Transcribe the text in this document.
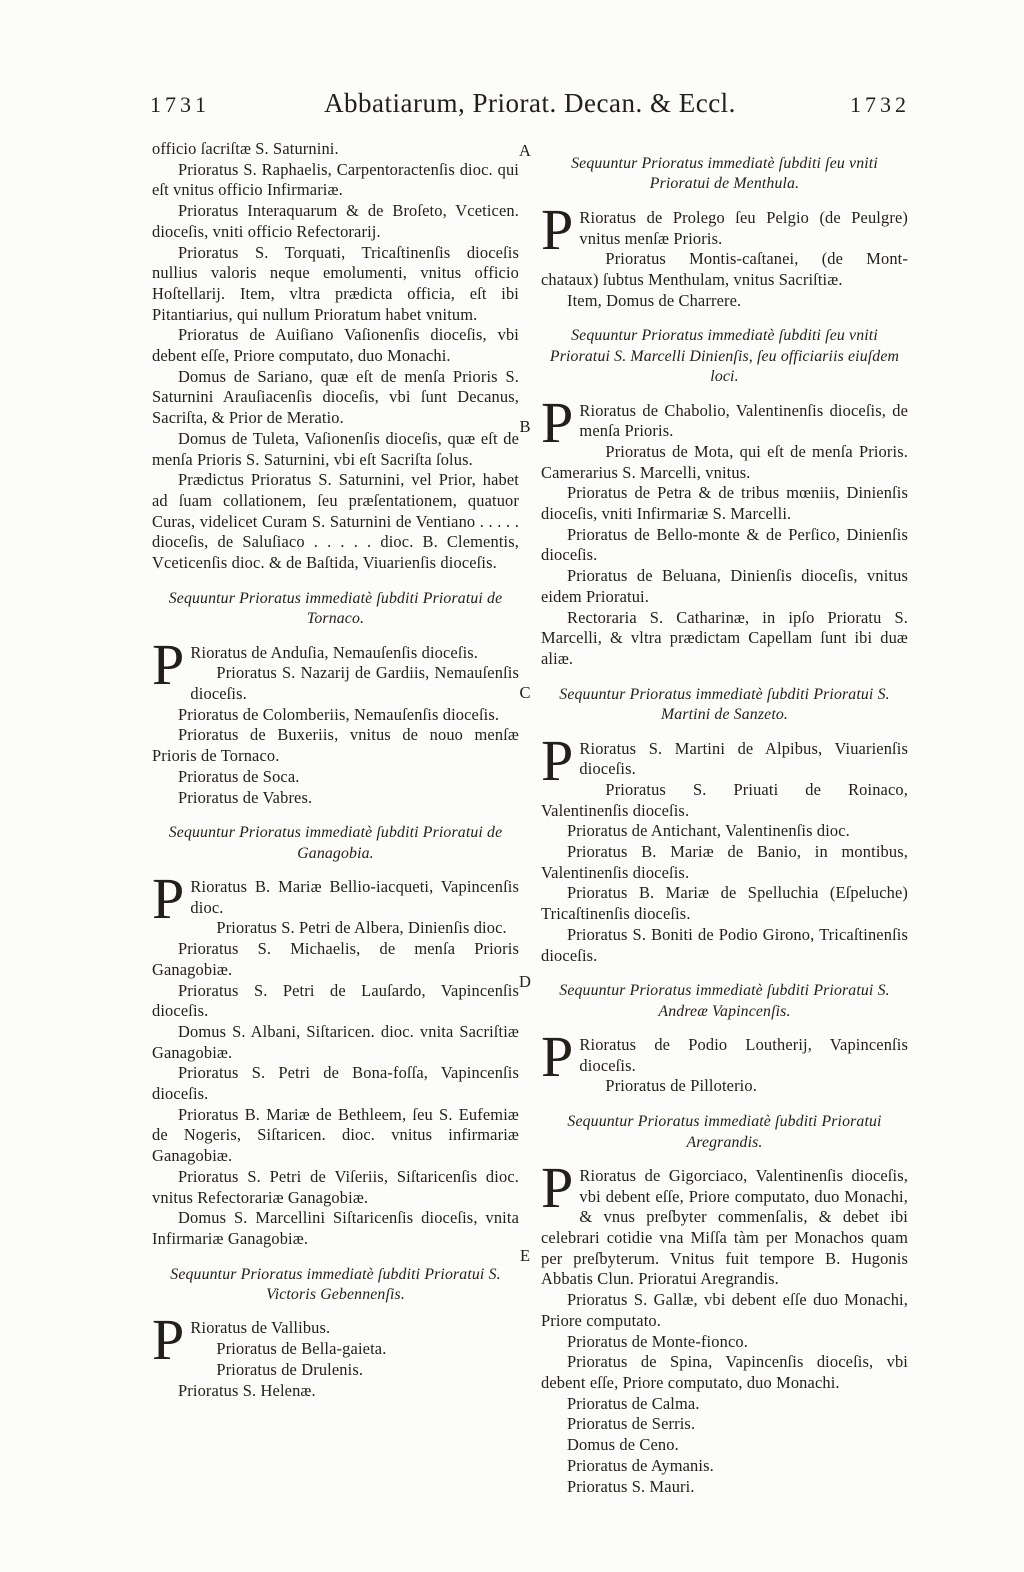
1731	Abbatiarum, Priorat. Decan. & Eccl.	1732

officio ſacriſtæ S. Saturnini.

Prioratus S. Raphaelis, Carpentoractenſis dioc. qui eſt vnitus officio Infirmariæ.

Prioratus Interaquarum & de Broſeto, Vceticen. dioceſis, vniti officio Refectorarij.

Prioratus S. Torquati, Tricaſtinenſis dioceſis nullius valoris neque emolumenti, vnitus officio Hoſtellarij. Item, vltra prædicta officia, eſt ibi Pitantiarius, qui nullum Prioratum habet vnitum.

Prioratus de Auiſiano Vaſionenſis dioceſis, vbi debent eſſe, Priore computato, duo Monachi.

Domus de Sariano, quæ eſt de menſa Prioris S. Saturnini Arauſiacenſis dioceſis, vbi ſunt Decanus, Sacriſta, & Prior de Meratio.

Domus de Tuleta, Vaſionenſis dioceſis, quæ eſt de menſa Prioris S. Saturnini, vbi eſt Sacriſta ſolus.

Prædictus Prioratus S. Saturnini, vel Prior, habet ad ſuam collationem, ſeu præſentationem, quatuor Curas, videlicet Curam S. Saturnini de Ventiano . . . . . dioceſis, de Saluſiaco . . . . . dioc. B. Clementis, Vceticenſis dioc. & de Baſtida, Viuarienſis dioceſis.

Sequuntur Prioratus immediatè ſubditi Prioratui de Tornaco.

P Rioratus de Anduſia, Nemauſenſis dioceſis.

Prioratus S. Nazarij de Gardiis, Nemauſenſis dioceſis.

Prioratus de Colomberiis, Nemauſenſis dioceſis.

Prioratus de Buxeriis, vnitus de nouo menſæ Prioris de Tornaco.

Prioratus de Soca.

Prioratus de Vabres.

Sequuntur Prioratus immediatè ſubditi Prioratui de Ganagobia.

P Rioratus B. Mariæ Bellio-iacqueti, Vapincenſis dioc.

Prioratus S. Petri de Albera, Dinienſis dioc.

Prioratus S. Michaelis, de menſa Prioris Ganagobiæ.

Prioratus S. Petri de Lauſardo, Vapincenſis dioceſis.

Domus S. Albani, Siſtaricen. dioc. vnita Sacriſtiæ Ganagobiæ.

Prioratus S. Petri de Bona-foſſa, Vapincenſis dioceſis.

Prioratus B. Mariæ de Bethleem, ſeu S. Eufemiæ de Nogeris, Siſtaricen. dioc. vnitus infirmariæ Ganagobiæ.

Prioratus S. Petri de Viſeriis, Siſtaricenſis dioc. vnitus Refectorariæ Ganagobiæ.

Domus S. Marcellini Siſtaricenſis dioceſis, vnita Infirmariæ Ganagobiæ.

Sequuntur Prioratus immediatè ſubditi Prioratui S. Victoris Gebennenſis.

P Rioratus de Vallibus.

Prioratus de Bella-gaieta.

Prioratus de Drulenis.

Prioratus S. Helenæ.

Sequuntur Prioratus immediatè ſubditi ſeu vniti Prioratui de Menthula.

P Rioratus de Prolego ſeu Pelgio (de Peulgre) vnitus menſæ Prioris.

Prioratus Montis-caſtanei, (de Mont-chataux) ſubtus Menthulam, vnitus Sacriſtiæ.

Item, Domus de Charrere.

Sequuntur Prioratus immediatè ſubditi ſeu vniti Prioratui S. Marcelli Dinienſis, ſeu officiariis eiuſdem loci.

P Rioratus de Chabolio, Valentinenſis dioceſis, de menſa Prioris.

Prioratus de Mota, qui eſt de menſa Prioris. Camerarius S. Marcelli, vnitus.

Prioratus de Petra & de tribus mœniis, Dinienſis dioceſis, vniti Infirmariæ S. Marcelli.

Prioratus de Bello-monte & de Perſico, Dinienſis dioceſis.

Prioratus de Beluana, Dinienſis dioceſis, vnitus eidem Prioratui.

Rectoraria S. Catharinæ, in ipſo Prioratu S. Marcelli, & vltra prædictam Capellam ſunt ibi duæ aliæ.

Sequuntur Prioratus immediatè ſubditi Prioratui S. Martini de Sanzeto.

P Rioratus S. Martini de Alpibus, Viuarienſis dioceſis.

Prioratus S. Priuati de Roinaco, Valentinenſis dioceſis.

Prioratus de Antichant, Valentinenſis dioc.

Prioratus B. Mariæ de Banio, in montibus, Valentinenſis dioceſis.

Prioratus B. Mariæ de Spelluchia (Eſpeluche) Tricaſtinenſis dioceſis.

Prioratus S. Boniti de Podio Girono, Tricaſtinenſis dioceſis.

Sequuntur Prioratus immediatè ſubditi Prioratui S. Andreæ Vapincenſis.

P Rioratus de Podio Loutherij, Vapincenſis dioceſis.

Prioratus de Pilloterio.

Sequuntur Prioratus immediatè ſubditi Prioratui Aregrandis.

P Rioratus de Gigorciaco, Valentinenſis dioceſis, vbi debent eſſe, Priore computato, duo Monachi, & vnus preſbyter commenſalis, & debet ibi celebrari cotidie vna Miſſa tàm per Monachos quam per preſbyterum. Vnitus fuit tempore B. Hugonis Abbatis Clun. Prioratui Aregrandis.

Prioratus S. Gallæ, vbi debent eſſe duo Monachi, Priore computato.

Prioratus de Monte-fionco.

Prioratus de Spina, Vapincenſis dioceſis, vbi debent eſſe, Priore computato, duo Monachi.

Prioratus de Calma.

Prioratus de Serris.

Domus de Ceno.

Prioratus de Aymanis.

Prioratus S. Mauri.

A
B
C
D
E
